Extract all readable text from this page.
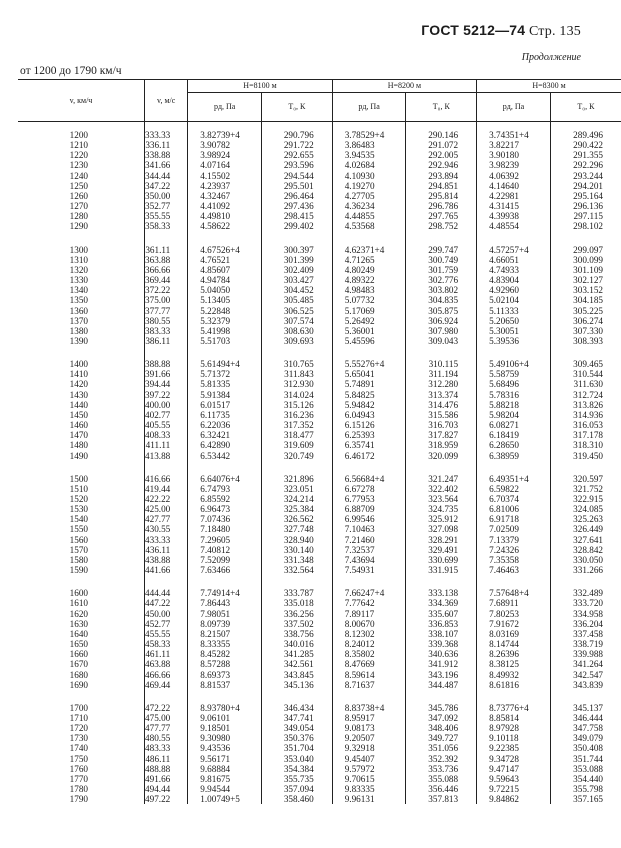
ГОСТ 5212—74 Стр. 135
Продолжение
от 1200 до 1790 км/ч
v, км/ч	v, м/с	H=8100 м		H=8200 м		H=8300 м	
		pд, Па	T₀, К	pд, Па	T₀, К	pд, Па	T₀, К
1200	333.33	3.82739+4	290.796	3.78529+4	290.146	3.74351+4	289.496
1210	336.11	3.90782	291.722	3.86483	291.072	3.82217	290.422
1220	338.88	3.98924	292.655	3.94535	292.005	3.90180	291.355
1230	341.66	4.07164	293.596	4.02684	292.946	3.98239	292.296
1240	344.44	4.15502	294.544	4.10930	293.894	4.06392	293.244
1250	347.22	4.23937	295.501	4.19270	294.851	4.14640	294.201
1260	350.00	4.32467	296.464	4.27705	295.814	4.22981	295.164
1270	352.77	4.41092	297.436	4.36234	296.786	4.31415	296.136
1280	355.55	4.49810	298.415	4.44855	297.765	4.39938	297.115
1290	358.33	4.58622	299.402	4.53568	298.752	4.48554	298.102

1300	361.11	4.67526+4	300.397	4.62371+4	299.747	4.57257+4	299.097
1310	363.88	4.76521	301.399	4.71265	300.749	4.66051	300.099
1320	366.66	4.85607	302.409	4.80249	301.759	4.74933	301.109
1330	369.44	4.94784	303.427	4.89322	302.776	4.83904	302.127
1340	372.22	5.04050	304.452	4.98483	303.802	4.92960	303.152
1350	375.00	5.13405	305.485	5.07732	304.835	5.02104	304.185
1360	377.77	5.22848	306.525	5.17069	305.875	5.11333	305.225
1370	380.55	5.32379	307.574	5.26492	306.924	5.20650	306.274
1380	383.33	5.41998	308.630	5.36001	307.980	5.30051	307.330
1390	386.11	5.51703	309.693	5.45596	309.043	5.39536	308.393

1400	388.88	5.61494+4	310.765	5.55276+4	310.115	5.49106+4	309.465
1410	391.66	5.71372	311.843	5.65041	311.194	5.58759	310.544
1420	394.44	5.81335	312.930	5.74891	312.280	5.68496	311.630
1430	397.22	5.91384	314.024	5.84825	313.374	5.78316	312.724
1440	400.00	6.01517	315.126	5.94842	314.476	5.88218	313.826
1450	402.77	6.11735	316.236	6.04943	315.586	5.98204	314.936
1460	405.55	6.22036	317.352	6.15126	316.703	6.08271	316.053
1470	408.33	6.32421	318.477	6.25393	317.827	6.18419	317.178
1480	411.11	6.42890	319.609	6.35741	318.959	6.28650	318.310
1490	413.88	6.53442	320.749	6.46172	320.099	6.38959	319.450

1500	416.66	6.64076+4	321.896	6.56684+4	321.247	6.49351+4	320.597
1510	419.44	6.74793	323.051	6.67278	322.402	6.59822	321.752
1520	422.22	6.85592	324.214	6.77953	323.564	6.70374	322.915
1530	425.00	6.96473	325.384	6.88709	324.735	6.81006	324.085
1540	427.77	7.07436	326.562	6.99546	325.912	6.91718	325.263
1550	430.55	7.18480	327.748	7.10463	327.098	7.02509	326.449
1560	433.33	7.29605	328.940	7.21460	328.291	7.13379	327.641
1570	436.11	7.40812	330.140	7.32537	329.491	7.24326	328.842
1580	438.88	7.52099	331.348	7.43694	330.699	7.35358	330.050
1590	441.66	7.63466	332.564	7.54931	331.915	7.46463	331.266

1600	444.44	7.74914+4	333.787	7.66247+4	333.138	7.57648+4	332.489
1610	447.22	7.86443	335.018	7.77642	334.369	7.68911	333.720
1620	450.00	7.98051	336.256	7.89117	335.607	7.80253	334.958
1630	452.77	8.09739	337.502	8.00670	336.853	7.91672	336.204
1640	455.55	8.21507	338.756	8.12302	338.107	8.03169	337.458
1650	458.33	8.33355	340.016	8.24012	339.368	8.14744	338.719
1660	461.11	8.45282	341.285	8.35802	340.636	8.26396	339.988
1670	463.88	8.57288	342.561	8.47669	341.912	8.38125	341.264
1680	466.66	8.69373	343.845	8.59614	343.196	8.49932	342.547
1690	469.44	8.81537	345.136	8.71637	344.487	8.61816	343.839

1700	472.22	8.93780+4	346.434	8.83738+4	345.786	8.73776+4	345.137
1710	475.00	9.06101	347.741	8.95917	347.092	8.85814	346.444
1720	477.77	9.18501	349.054	9.08173	348.406	8.97928	347.758
1730	480.55	9.30980	350.376	9.20507	349.727	9.10118	349.079
1740	483.33	9.43536	351.704	9.32918	351.056	9.22385	350.408
1750	486.11	9.56171	353.040	9.45407	352.392	9.34728	351.744
1760	488.88	9.68884	354.384	9.57972	353.736	9.47147	353.088
1770	491.66	9.81675	355.735	9.70615	355.088	9.59643	354.440
1780	494.44	9.94544	357.094	9.83335	356.446	9.72215	355.798
1790	497.22	1.00749+5	358.460	9.96131	357.813	9.84862	357.165
